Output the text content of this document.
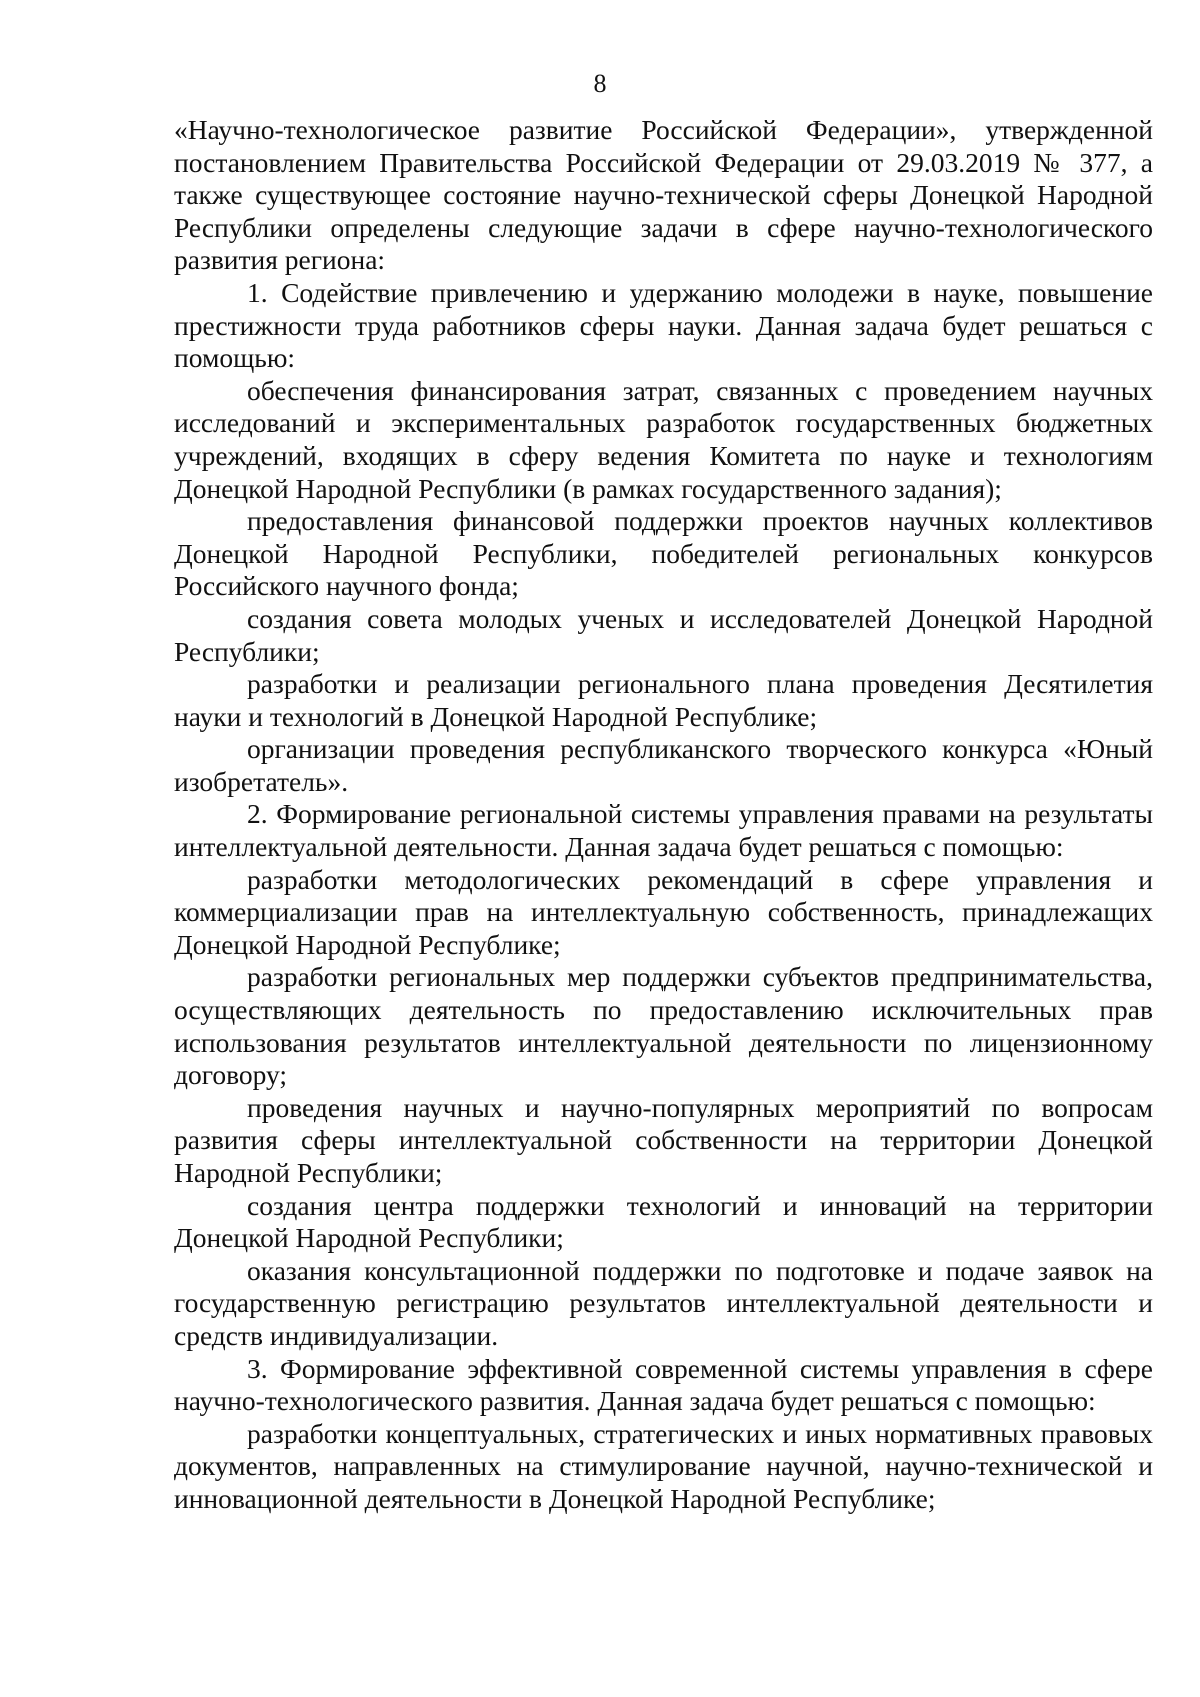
8

«Научно-технологическое развитие Российской Федерации», утвержденной постановлением Правительства Российской Федерации от 29.03.2019 № 377, а также существующее состояние научно-технической сферы Донецкой Народной Республики определены следующие задачи в сфере научно-технологического развития региона:

1. Содействие привлечению и удержанию молодежи в науке, повышение престижности труда работников сферы науки. Данная задача будет решаться с помощью:

обеспечения финансирования затрат, связанных с проведением научных исследований и экспериментальных разработок государственных бюджетных учреждений, входящих в сферу ведения Комитета по науке и технологиям Донецкой Народной Республики (в рамках государственного задания);

предоставления финансовой поддержки проектов научных коллективов Донецкой Народной Республики, победителей региональных конкурсов Российского научного фонда;

создания совета молодых ученых и исследователей Донецкой Народной Республики;

разработки и реализации регионального плана проведения Десятилетия науки и технологий в Донецкой Народной Республике;

организации проведения республиканского творческого конкурса «Юный изобретатель».

2. Формирование региональной системы управления правами на результаты интеллектуальной деятельности. Данная задача будет решаться с помощью:

разработки методологических рекомендаций в сфере управления и коммерциализации прав на интеллектуальную собственность, принадлежащих Донецкой Народной Республике;

разработки региональных мер поддержки субъектов предпринимательства, осуществляющих деятельность по предоставлению исключительных прав использования результатов интеллектуальной деятельности по лицензионному договору;

проведения научных и научно-популярных мероприятий по вопросам развития сферы интеллектуальной собственности на территории Донецкой Народной Республики;

создания центра поддержки технологий и инноваций на территории Донецкой Народной Республики;

оказания консультационной поддержки по подготовке и подаче заявок на государственную регистрацию результатов интеллектуальной деятельности и средств индивидуализации.

3. Формирование эффективной современной системы управления в сфере научно-технологического развития. Данная задача будет решаться с помощью:

разработки концептуальных, стратегических и иных нормативных правовых документов, направленных на стимулирование научной, научно-технической и инновационной деятельности в Донецкой Народной Республике;
